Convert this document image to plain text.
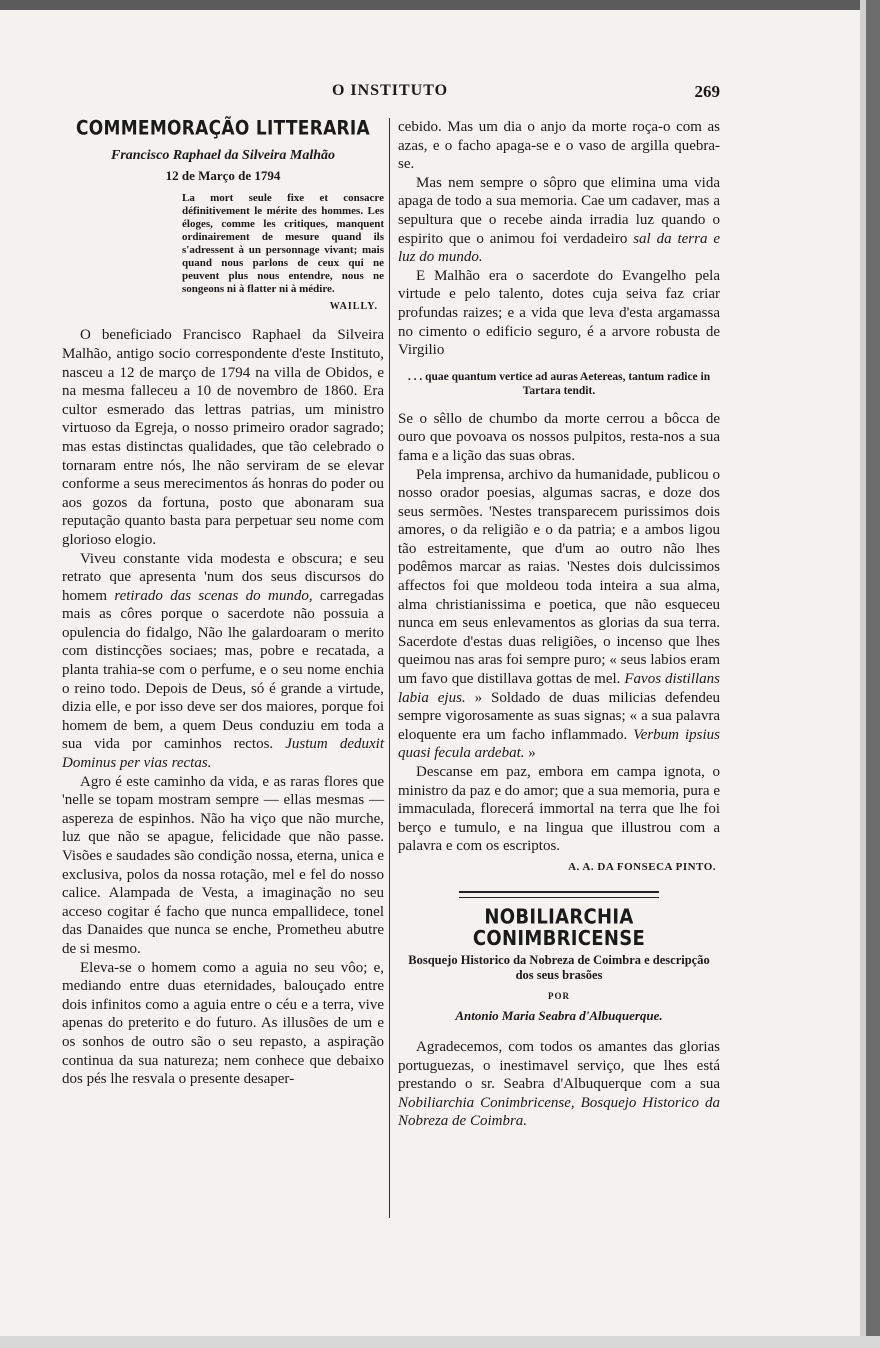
O INSTITUTO	269
COMMEMORAÇÃO LITTERARIA
Francisco Raphael da Silveira Malhão
12 de Março de 1794
La mort seule fixe et consacre définitivement le mérite des hommes. Les éloges, comme les critiques, manquent ordinairement de mesure quand ils s'adressent à un personnage vivant; mais quand nous parlons de ceux qui ne peuvent plus nous entendre, nous ne songeons ni à flatter ni à médire.
WAILLY.

O beneficiado Francisco Raphael da Silveira Malhão, antigo socio correspondente d'este Instituto, nasceu a 12 de março de 1794 na villa de Obidos, e na mesma falleceu a 10 de novembro de 1860. Era cultor esmerado das lettras patrias, um ministro virtuoso da Egreja, o nosso primeiro orador sagrado; mas estas distinctas qualidades, que tão celebrado o tornaram entre nós, lhe não serviram de se elevar conforme a seus merecimentos ás honras do poder ou aos gozos da fortuna, posto que abonaram sua reputação quanto basta para perpetuar seu nome com glorioso elogio.

Viveu constante vida modesta e obscura; e seu retrato que apresenta 'num dos seus discursos do homem retirado das scenas do mundo, carregadas mais as côres porque o sacerdote não possuia a opulencia do fidalgo, Não lhe galardoaram o merito com distincções sociaes; mas, pobre e recatada, a planta trahia-se com o perfume, e o seu nome enchia o reino todo. Depois de Deus, só é grande a virtude, dizia elle, e por isso deve ser dos maiores, porque foi homem de bem, a quem Deus conduziu em toda a sua vida por caminhos rectos. Justum deduxit Dominus per vias rectas.

Agro é este caminho da vida, e as raras flores que 'nelle se topam mostram sempre — ellas mesmas — aspereza de espinhos. Não ha viço que não murche, luz que não se apague, felicidade que não passe. Visões e saudades são condição nossa, eterna, unica e exclusiva, polos da nossa rotação, mel e fel do nosso calice. Alampada de Vesta, a imaginação no seu acceso cogitar é facho que nunca empallidece, tonel das Danaides que nunca se enche, Prometheu abutre de si mesmo.

Eleva-se o homem como a aguia no seu vôo; e, mediando entre duas eternidades, balouçado entre dois infinitos como a aguia entre o céu e a terra, vive apenas do preterito e do futuro. As illusões de um e os sonhos de outro são o seu repasto, a aspiração continua da sua natureza; nem conhece que debaixo dos pés lhe resvala o presente desaper-

cebido. Mas um dia o anjo da morte roça-o com as azas, e o facho apaga-se e o vaso de argilla quebra-se.

Mas nem sempre o sôpro que elimina uma vida apaga de todo a sua memoria. Cae um cadaver, mas a sepultura que o recebe ainda irradia luz quando o espirito que o animou foi verdadeiro sal da terra e luz do mundo.

E Malhão era o sacerdote do Evangelho pela virtude e pelo talento, dotes cuja seiva faz criar profundas raizes; e a vida que leva d'esta argamassa no cimento o edificio seguro, é a arvore robusta de Virgilio

. . . quae quantum vertice ad auras Aetereas, tantum radice in Tartara tendit.

Se o sêllo de chumbo da morte cerrou a bôcca de ouro que povoava os nossos pulpitos, resta-nos a sua fama e a lição das suas obras.

Pela imprensa, archivo da humanidade, publicou o nosso orador poesias, algumas sacras, e doze dos seus sermões. 'Nestes transparecem purissimos dois amores, o da religião e o da patria; e a ambos ligou tão estreitamente, que d'um ao outro não lhes podêmos marcar as raias. 'Nestes dois dulcissimos affectos foi que moldeou toda inteira a sua alma, alma christianissima e poetica, que não esqueceu nunca em seus enlevamentos as glorias da sua terra. Sacerdote d'estas duas religiões, o incenso que lhes queimou nas aras foi sempre puro; « seus labios eram um favo que distillava gottas de mel. Favos distillans labia ejus. » Soldado de duas milicias defendeu sempre vigorosamente as suas signas; « a sua palavra eloquente era um facho inflammado. Verbum ipsius quasi fecula ardebat. »

Descanse em paz, embora em campa ignota, o ministro da paz e do amor; que a sua memoria, pura e immaculada, florecerá immortal na terra que lhe foi berço e tumulo, e na lingua que illustrou com a palavra e com os escriptos.

A. A. DA FONSECA PINTO.
NOBILIARCHIA CONIMBRICENSE
Bosquejo Historico da Nobreza de Coimbra e descripção dos seus brasões
POR
Antonio Maria Seabra d'Albuquerque.

Agradecemos, com todos os amantes das glorias portuguezas, o inestimavel serviço, que lhes está prestando o sr. Seabra d'Albuquerque com a sua Nobiliarchia Conimbricense, Bosquejo Historico da Nobreza de Coimbra.
